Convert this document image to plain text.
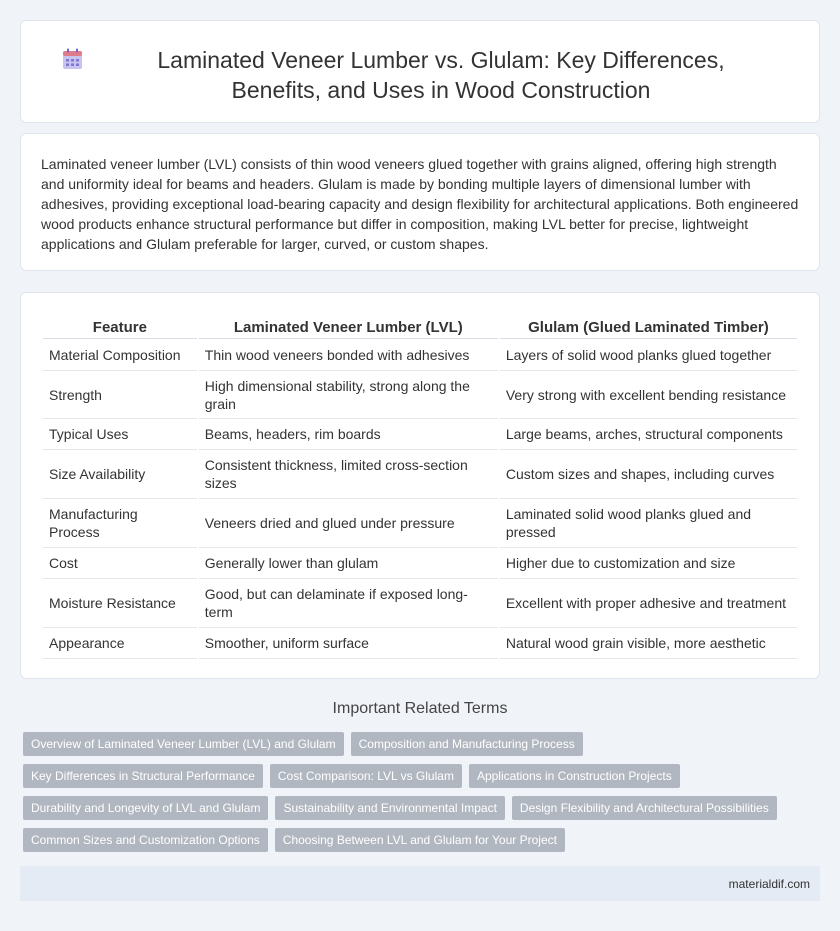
Laminated Veneer Lumber vs. Glulam: Key Differences, Benefits, and Uses in Wood Construction

Laminated veneer lumber (LVL) consists of thin wood veneers glued together with grains aligned, offering high strength and uniformity ideal for beams and headers. Glulam is made by bonding multiple layers of dimensional lumber with adhesives, providing exceptional load-bearing capacity and design flexibility for architectural applications. Both engineered wood products enhance structural performance but differ in composition, making LVL better for precise, lightweight applications and Glulam preferable for larger, curved, or custom shapes.

Feature	Laminated Veneer Lumber (LVL)	Glulam (Glued Laminated Timber)
Material Composition	Thin wood veneers bonded with adhesives	Layers of solid wood planks glued together
Strength	High dimensional stability, strong along the grain	Very strong with excellent bending resistance
Typical Uses	Beams, headers, rim boards	Large beams, arches, structural components
Size Availability	Consistent thickness, limited cross-section sizes	Custom sizes and shapes, including curves
Manufacturing Process	Veneers dried and glued under pressure	Laminated solid wood planks glued and pressed
Cost	Generally lower than glulam	Higher due to customization and size
Moisture Resistance	Good, but can delaminate if exposed long-term	Excellent with proper adhesive and treatment
Appearance	Smoother, uniform surface	Natural wood grain visible, more aesthetic
Important Related Terms
Overview of Laminated Veneer Lumber (LVL) and Glulam	Composition and Manufacturing Process
Key Differences in Structural Performance	Cost Comparison: LVL vs Glulam	Applications in Construction Projects
Durability and Longevity of LVL and Glulam	Sustainability and Environmental Impact	Design Flexibility and Architectural Possibilities
Common Sizes and Customization Options	Choosing Between LVL and Glulam for Your Project
materialdif.com
